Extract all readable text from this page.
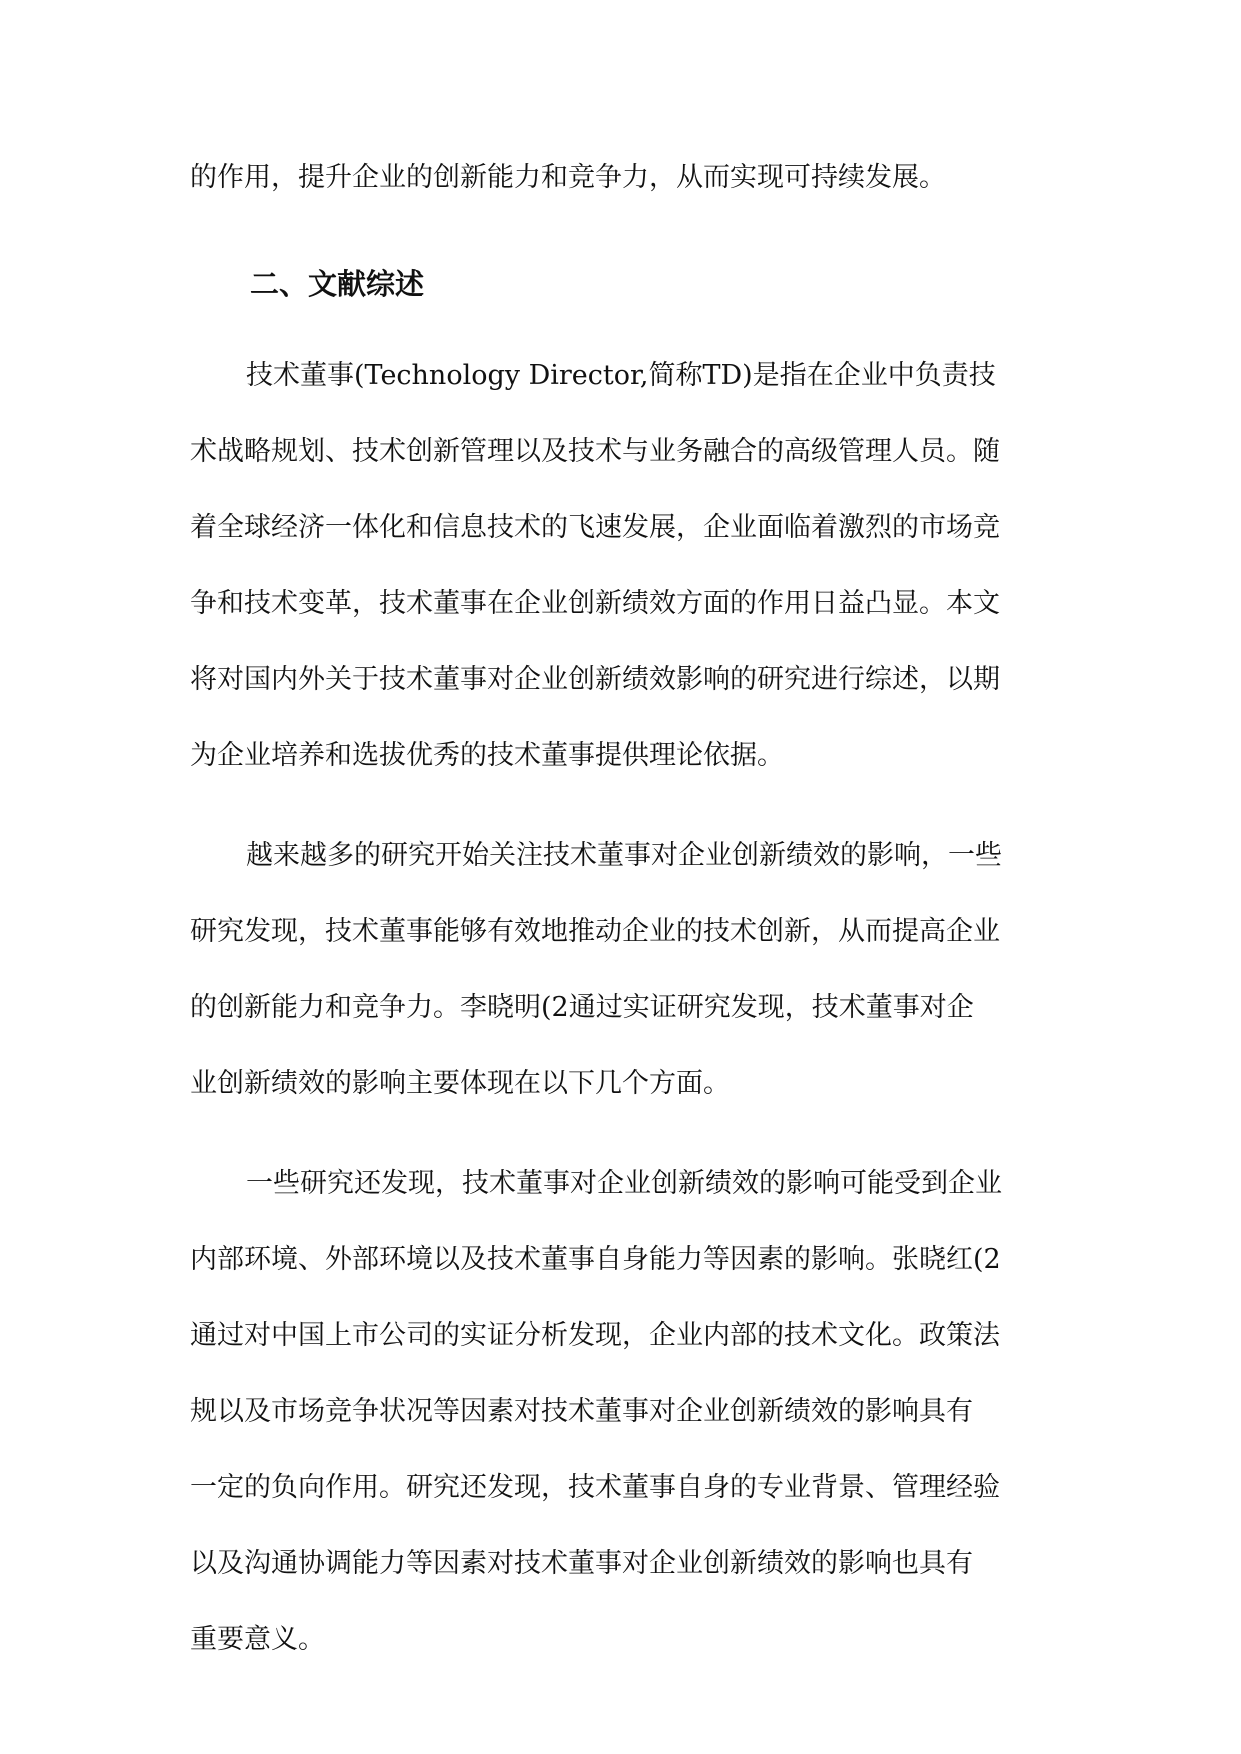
的作用，提升企业的创新能力和竞争力，从而实现可持续发展。
二、文献综述
技术董事(Technology Director,简称TD)是指在企业中负责技
术战略规划、技术创新管理以及技术与业务融合的高级管理人员。随
着全球经济一体化和信息技术的飞速发展，企业面临着激烈的市场竞
争和技术变革，技术董事在企业创新绩效方面的作用日益凸显。本文
将对国内外关于技术董事对企业创新绩效影响的研究进行综述，以期
为企业培养和选拔优秀的技术董事提供理论依据。
越来越多的研究开始关注技术董事对企业创新绩效的影响，一些
研究发现，技术董事能够有效地推动企业的技术创新，从而提高企业
的创新能力和竞争力。李晓明(2通过实证研究发现，技术董事对企
业创新绩效的影响主要体现在以下几个方面。
一些研究还发现，技术董事对企业创新绩效的影响可能受到企业
内部环境、外部环境以及技术董事自身能力等因素的影响。张晓红(2
通过对中国上市公司的实证分析发现，企业内部的技术文化。政策法
规以及市场竞争状况等因素对技术董事对企业创新绩效的影响具有
一定的负向作用。研究还发现，技术董事自身的专业背景、管理经验
以及沟通协调能力等因素对技术董事对企业创新绩效的影响也具有
重要意义。
